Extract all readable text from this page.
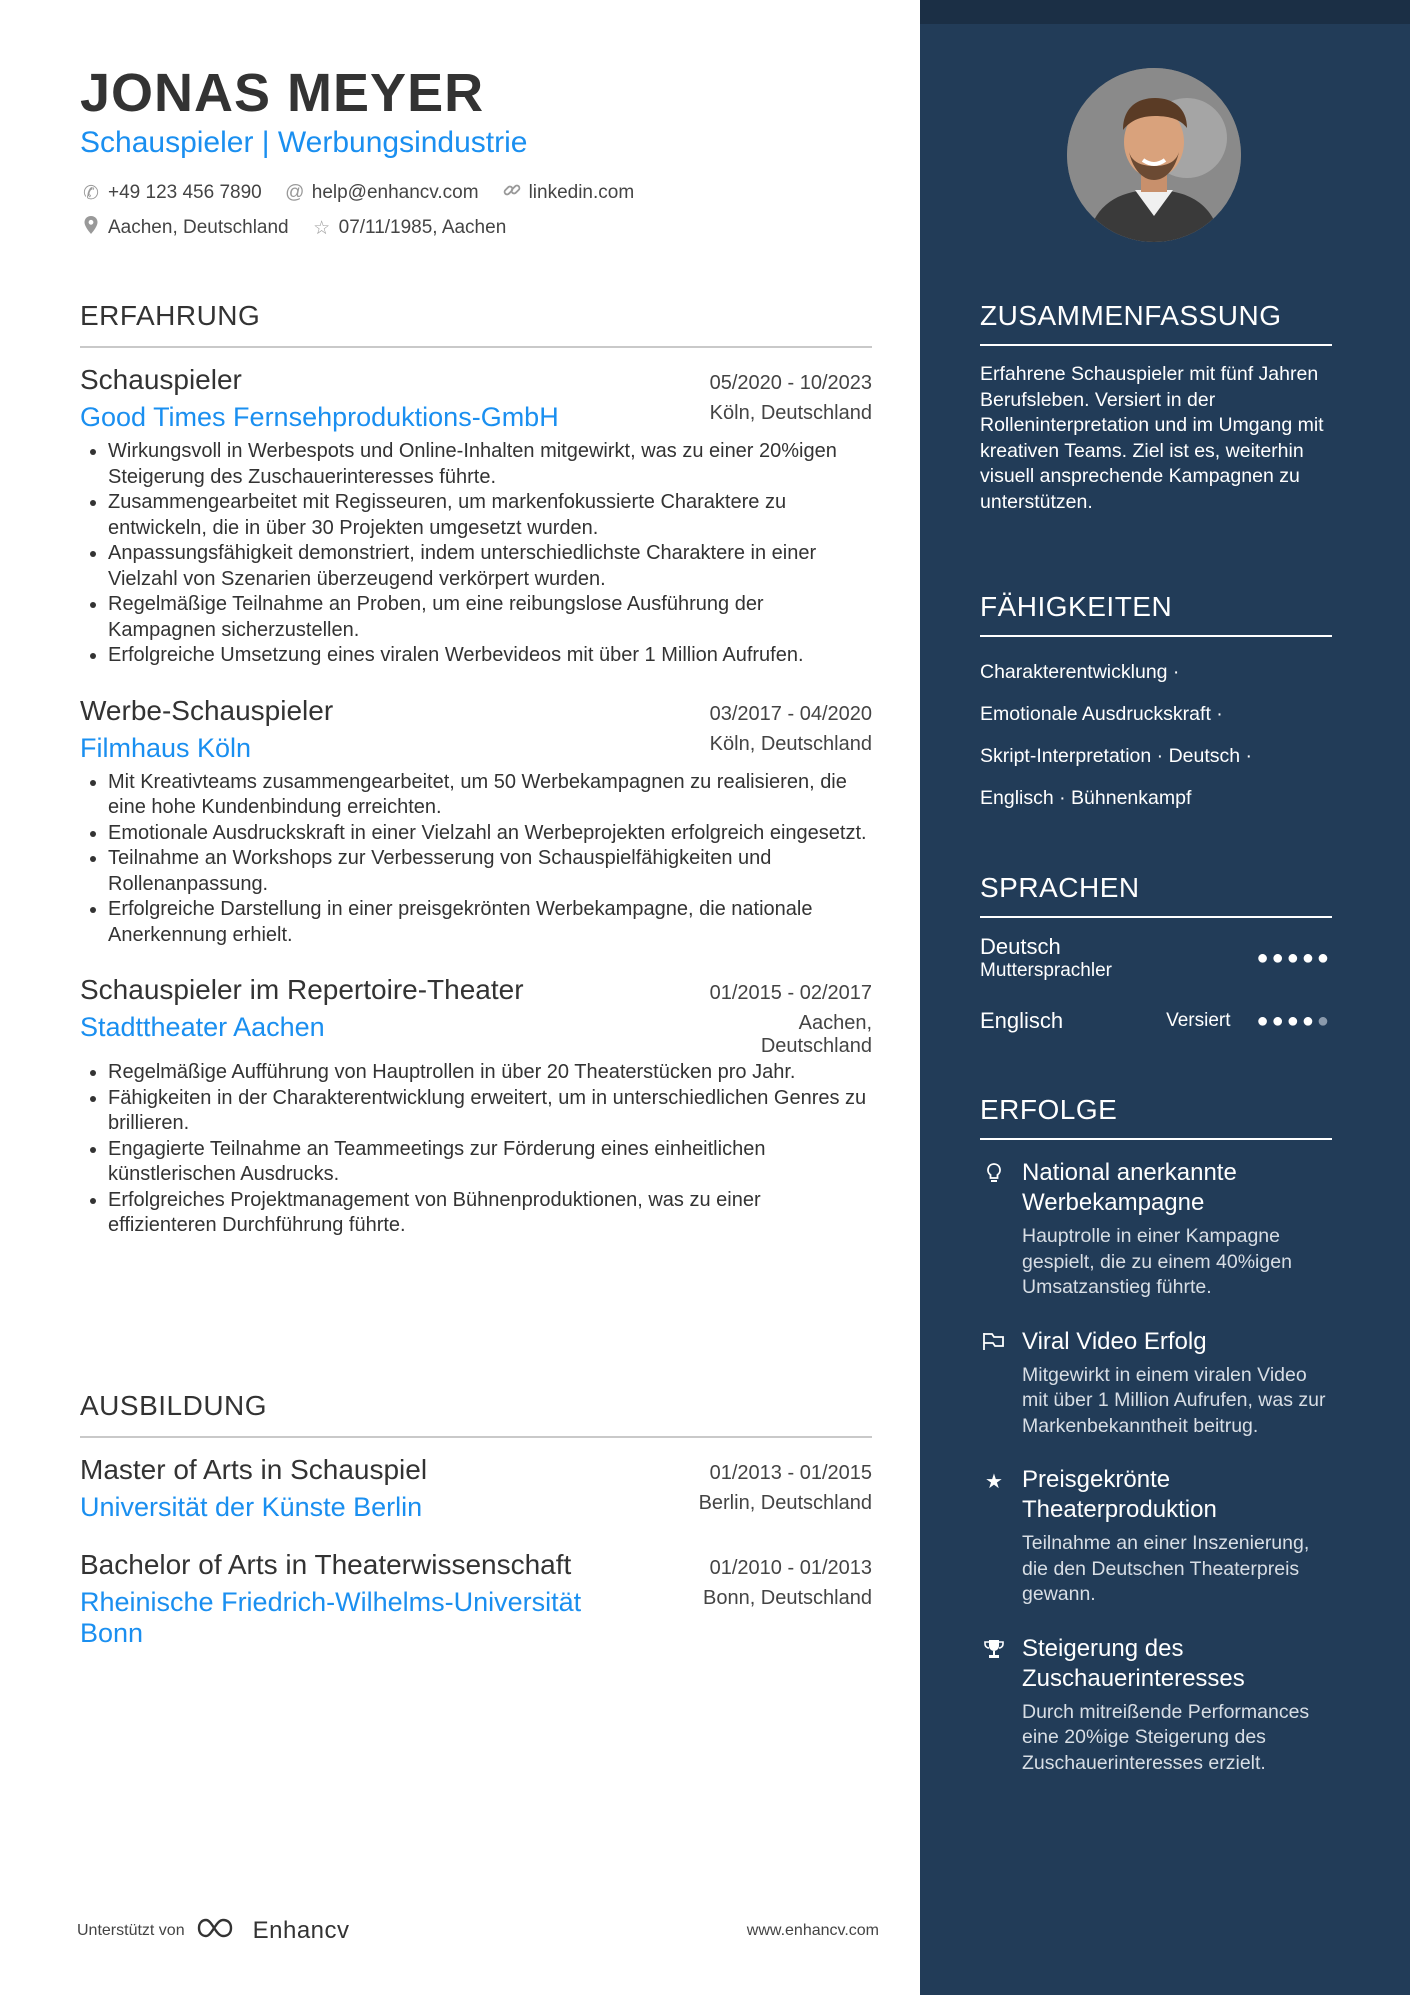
JONAS MEYER
Schauspieler | Werbungsindustrie
✆ +49 123 456 7890 @ help@enhancv.com	linkedin.com
Aachen, Deutschland ☆ 07/11/1985, Aachen
ERFAHRUNG
Schauspieler	05/2020 - 10/2023
Good Times Fernsehproduktions-GmbH	Köln, Deutschland
• Wirkungsvoll in Werbespots und Online-Inhalten mitgewirkt, was zu einer 20%igen Steigerung des Zuschauerinteresses führte.
• Zusammengearbeitet mit Regisseuren, um markenfokussierte Charaktere zu entwickeln, die in über 30 Projekten umgesetzt wurden.
• Anpassungsfähigkeit demonstriert, indem unterschiedlichste Charaktere in einer Vielzahl von Szenarien überzeugend verkörpert wurden.
• Regelmäßige Teilnahme an Proben, um eine reibungslose Ausführung der Kampagnen sicherzustellen.
• Erfolgreiche Umsetzung eines viralen Werbevideos mit über 1 Million Aufrufen.
Werbe-Schauspieler	03/2017 - 04/2020
Filmhaus Köln	Köln, Deutschland
• Mit Kreativteams zusammengearbeitet, um 50 Werbekampagnen zu realisieren, die eine hohe Kundenbindung erreichten.
• Emotionale Ausdruckskraft in einer Vielzahl an Werbeprojekten erfolgreich eingesetzt.
• Teilnahme an Workshops zur Verbesserung von Schauspielfähigkeiten und Rollenanpassung.
• Erfolgreiche Darstellung in einer preisgekrönten Werbekampagne, die nationale Anerkennung erhielt.
Schauspieler im Repertoire-Theater	01/2015 - 02/2017
Stadttheater Aachen	Aachen,
Deutschland
• Regelmäßige Aufführung von Hauptrollen in über 20 Theaterstücken pro Jahr.
• Fähigkeiten in der Charakterentwicklung erweitert, um in unterschiedlichen Genres zu brillieren.
• Engagierte Teilnahme an Teammeetings zur Förderung eines einheitlichen künstlerischen Ausdrucks.
• Erfolgreiches Projektmanagement von Bühnenproduktionen, was zu einer effizienteren Durchführung führte.
AUSBILDUNG
Master of Arts in Schauspiel	01/2013 - 01/2015
Universität der Künste Berlin	Berlin, Deutschland
Bachelor of Arts in Theaterwissenschaft	01/2010 - 01/2013
Rheinische Friedrich-Wilhelms-Universität
Bonn
Bonn, Deutschland
Unterstützt von	Enhancv	www.enhancv.com
ZUSAMMENFASSUNG
Erfahrene Schauspieler mit fünf Jahren Berufsleben. Versiert in der Rolleninterpretation und im Umgang mit kreativen Teams. Ziel ist es, weiterhin visuell ansprechende Kampagnen zu unterstützen.
FÄHIGKEITEN
Charakterentwicklung ·
Emotionale Ausdruckskraft ·
Skript-Interpretation · Deutsch ·
Englisch · Bühnenkampf
SPRACHEN
Deutsch
Muttersprachler
●●●●●
Englisch	Versiert ●●●●●
ERFOLGE
National anerkannte Werbekampagne
Hauptrolle in einer Kampagne gespielt, die zu einem 40%igen Umsatzanstieg führte.
Viral Video Erfolg
Mitgewirkt in einem viralen Video mit über 1 Million Aufrufen, was zur Markenbekanntheit beitrug.
★ Preisgekrönte Theaterproduktion
Teilnahme an einer Inszenierung, die den Deutschen Theaterpreis gewann.
Steigerung des Zuschauerinteresses
Durch mitreißende Performances eine 20%ige Steigerung des Zuschauerinteresses erzielt.
